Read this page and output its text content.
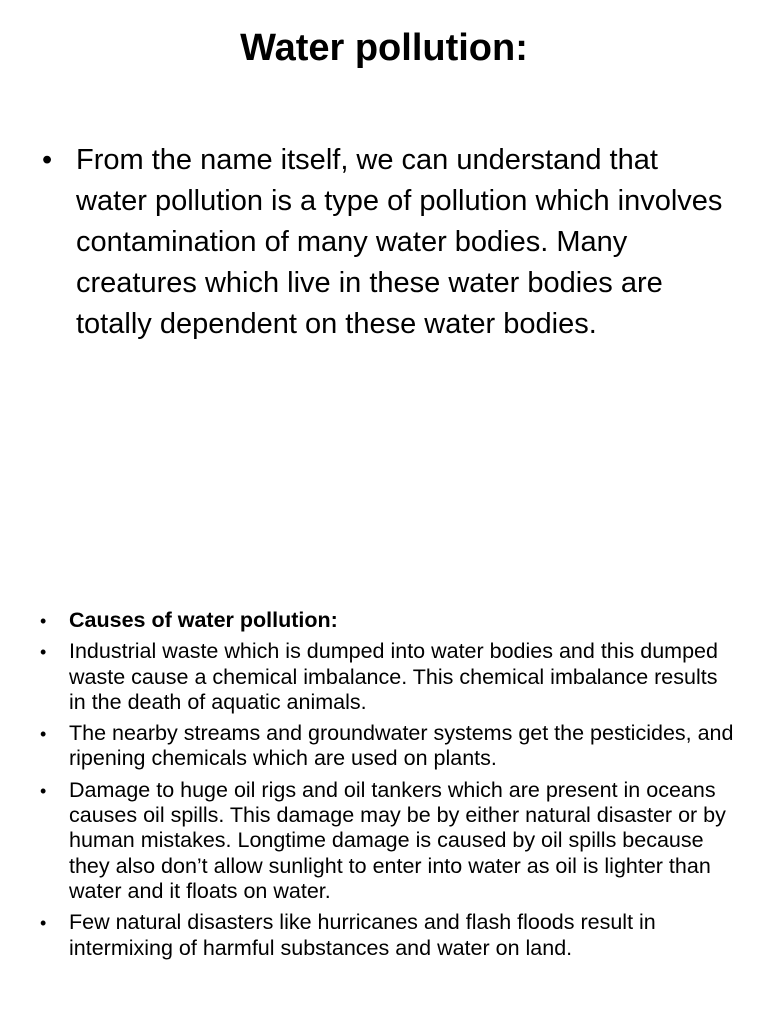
Water pollution:
• From the name itself, we can understand that water pollution is a type of pollution which involves contamination of many water bodies. Many creatures which live in these water bodies are totally dependent on these water bodies.
• Causes of water pollution:
• Industrial waste which is dumped into water bodies and this dumped waste cause a chemical imbalance. This chemical imbalance results in the death of aquatic animals.
• The nearby streams and groundwater systems get the pesticides, and ripening chemicals which are used on plants.
• Damage to huge oil rigs and oil tankers which are present in oceans causes oil spills. This damage may be by either natural disaster or by human mistakes. Longtime damage is caused by oil spills because they also don’t allow sunlight to enter into water as oil is lighter than water and it floats on water.
• Few natural disasters like hurricanes and flash floods result in intermixing of harmful substances and water on land.
